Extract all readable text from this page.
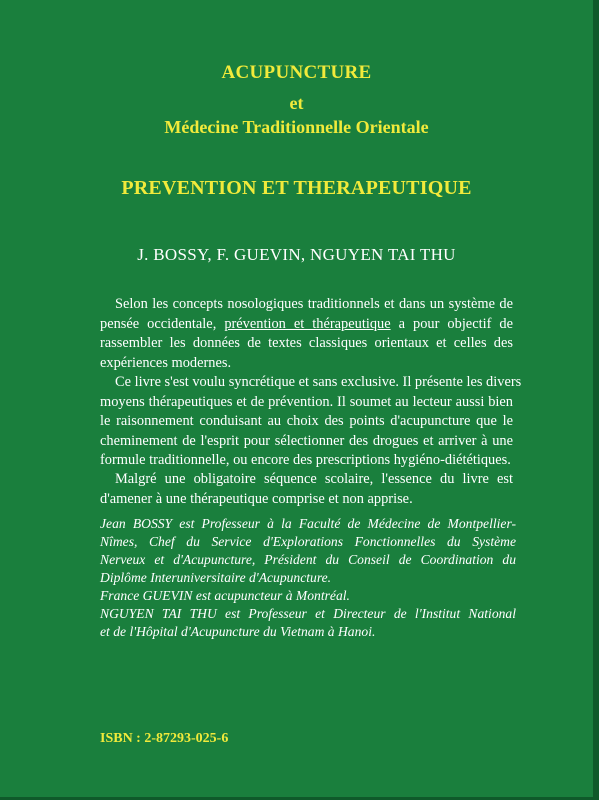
ACUPUNCTURE
et
Médecine Traditionnelle Orientale
PREVENTION ET THERAPEUTIQUE
J. BOSSY, F. GUEVIN, NGUYEN TAI THU
Selon les concepts nosologiques traditionnels et dans un système de
pensée occidentale, prévention et thérapeutique a pour objectif de
rassembler les données de textes classiques orientaux et celles des
expériences modernes.
Ce livre s'est voulu syncrétique et sans exclusive. Il présente les divers
moyens thérapeutiques et de prévention. Il soumet au lecteur aussi bien
le raisonnement conduisant au choix des points d'acupuncture que le
cheminement de l'esprit pour sélectionner des drogues et arriver à une
formule traditionnelle, ou encore des prescriptions hygiéno-diététiques.
Malgré une obligatoire séquence scolaire, l'essence du livre est
d'amener à une thérapeutique comprise et non apprise.
Jean BOSSY est Professeur à la Faculté de Médecine de Montpellier-
Nîmes, Chef du Service d'Explorations Fonctionnelles du Système
Nerveux et d'Acupuncture, Président du Conseil de Coordination du
Diplôme Interuniversitaire d'Acupuncture.
France GUEVIN est acupuncteur à Montréal.
NGUYEN TAI THU est Professeur et Directeur de l'Institut National
et de l'Hôpital d'Acupuncture du Vietnam à Hanoi.
ISBN : 2-87293-025-6
